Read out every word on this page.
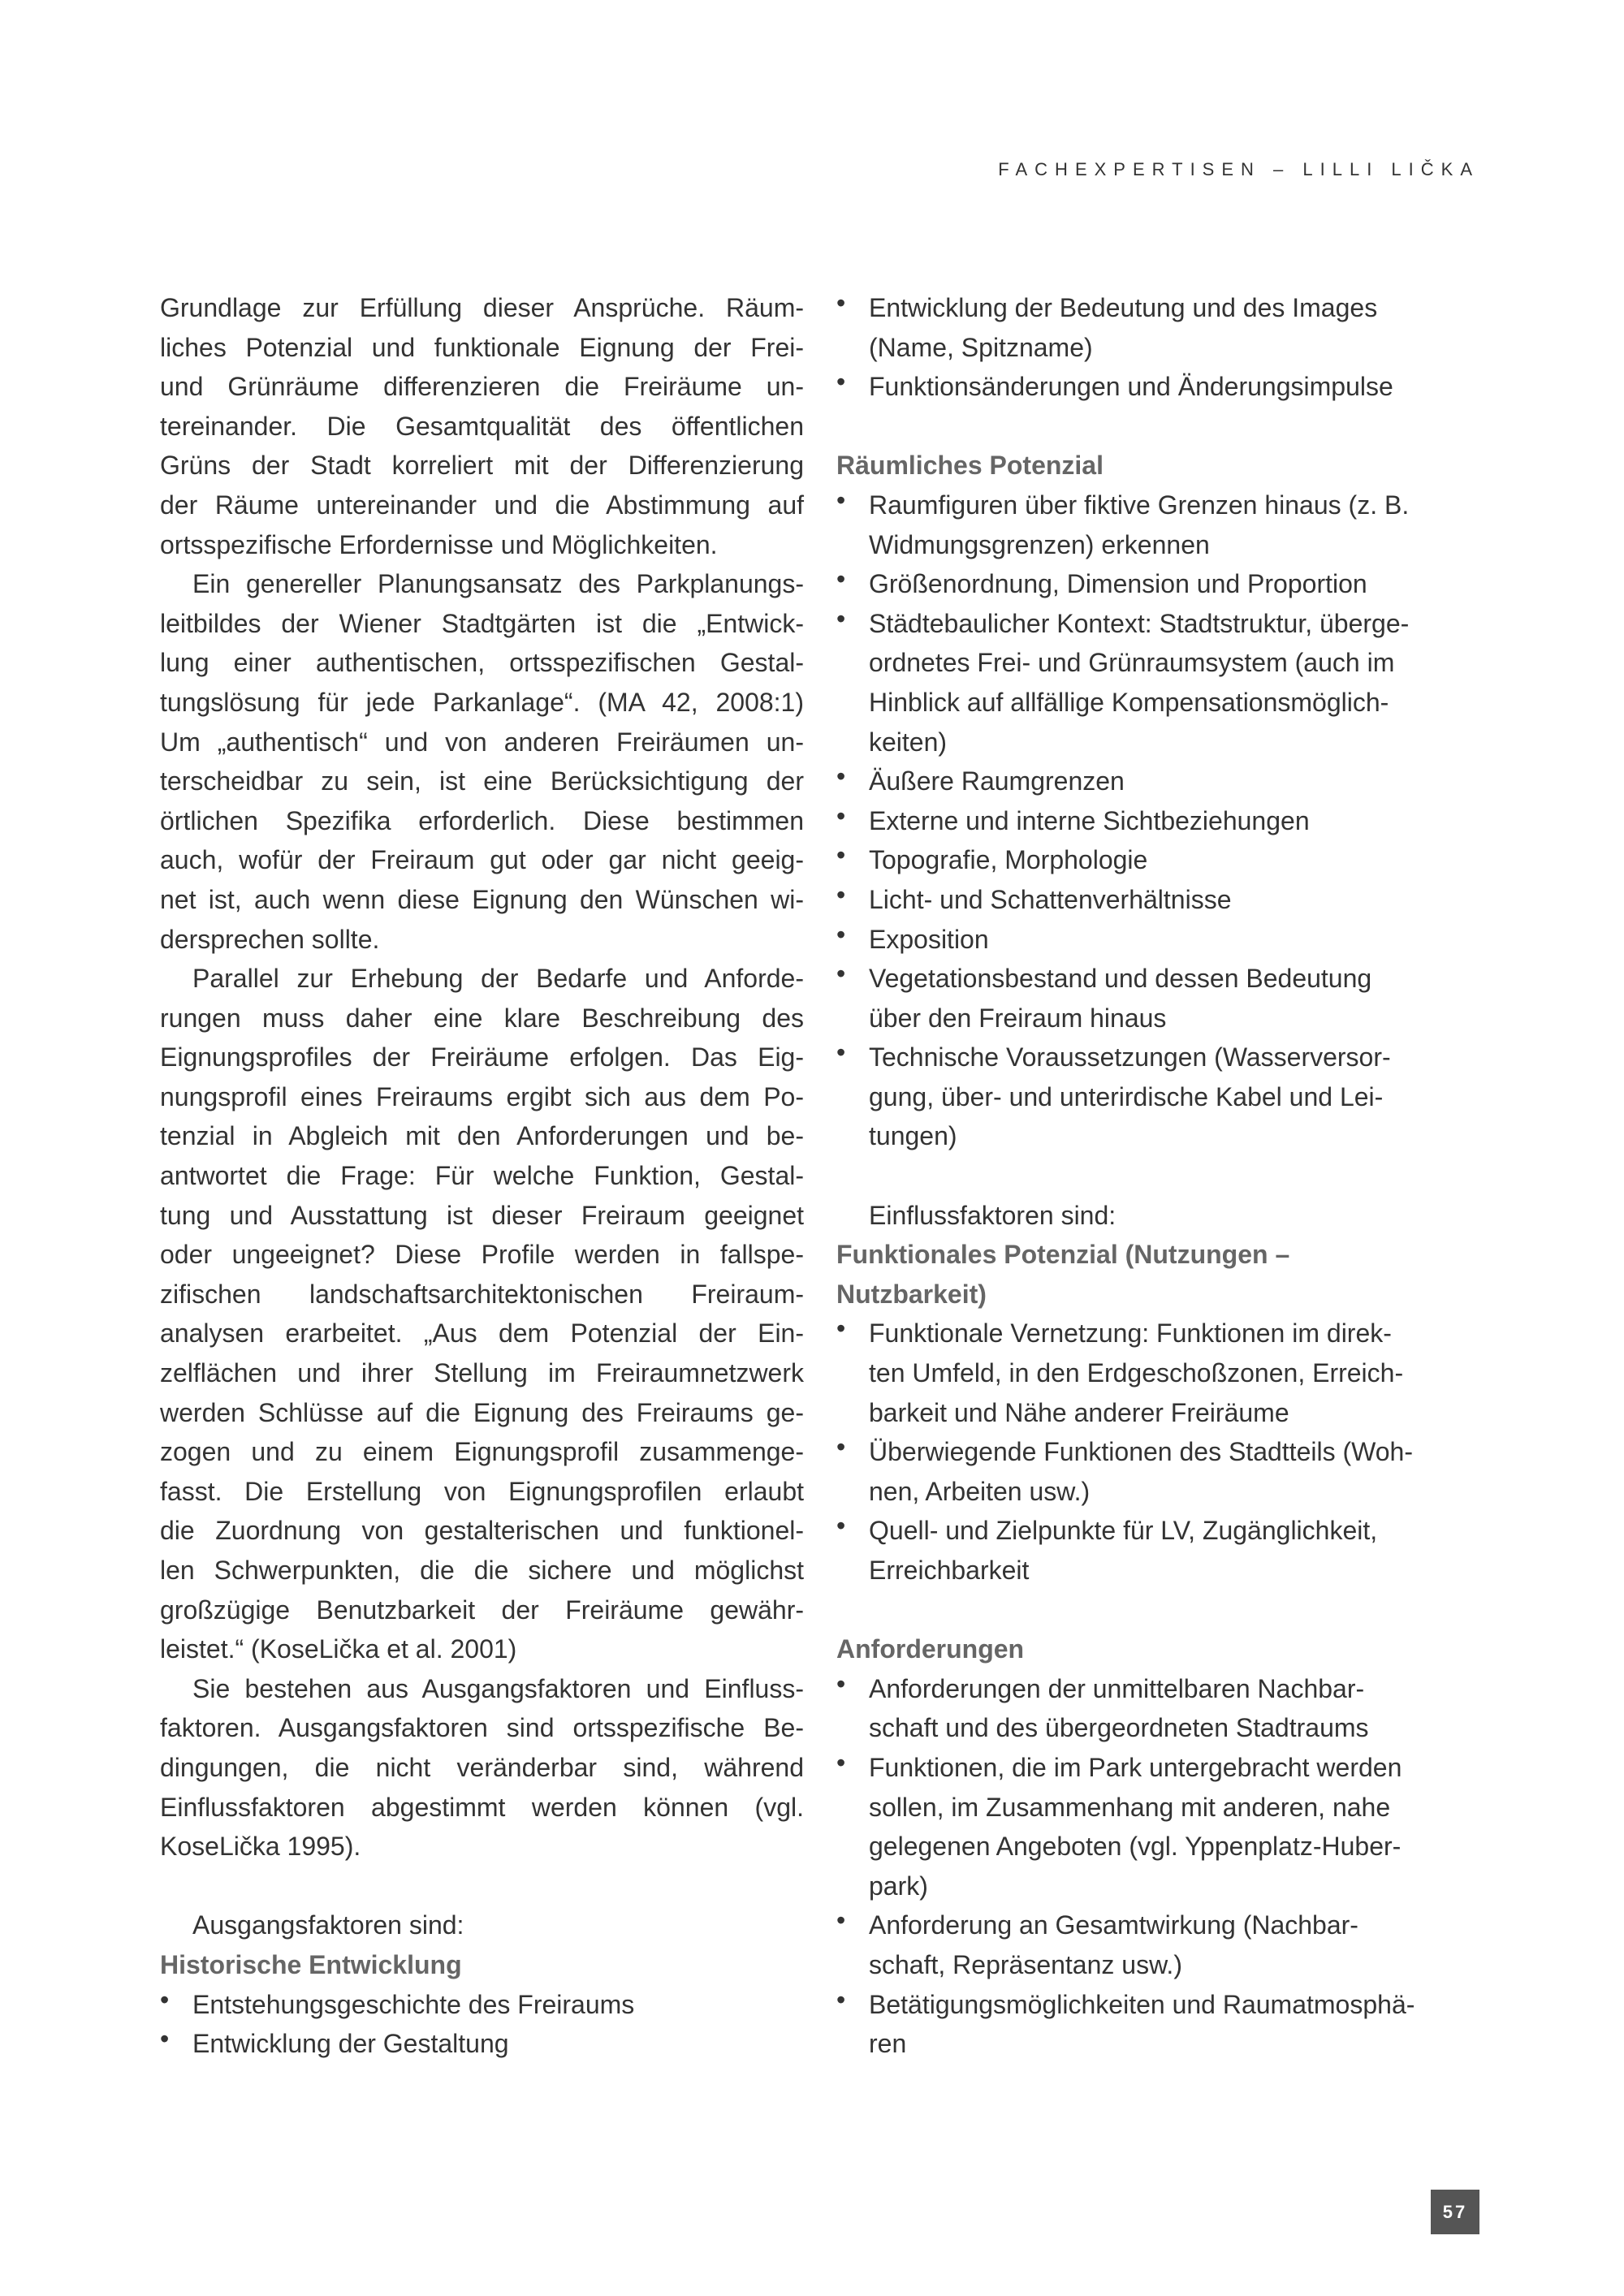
FACHEXPERTISEN – LILLI LIČKA
Grundlage zur Erfüllung dieser Ansprüche. Räum-
liches Potenzial und funktionale Eignung der Frei-
und Grünräume differenzieren die Freiräume un-
tereinander. Die Gesamtqualität des öffentlichen
Grüns der Stadt korreliert mit der Differenzierung
der Räume untereinander und die Abstimmung auf
ortsspezifische Erfordernisse und Möglichkeiten.
Ein genereller Planungsansatz des Parkplanungs-
leitbildes der Wiener Stadtgärten ist die „Entwick-
lung einer authentischen, ortsspezifischen Gestal-
tungslösung für jede Parkanlage“. (MA 42, 2008:1)
Um „authentisch“ und von anderen Freiräumen un-
terscheidbar zu sein, ist eine Berücksichtigung der
örtlichen Spezifika erforderlich. Diese bestimmen
auch, wofür der Freiraum gut oder gar nicht geeig-
net ist, auch wenn diese Eignung den Wünschen wi-
dersprechen sollte.
Parallel zur Erhebung der Bedarfe und Anforde-
rungen muss daher eine klare Beschreibung des
Eignungsprofiles der Freiräume erfolgen. Das Eig-
nungsprofil eines Freiraums ergibt sich aus dem Po-
tenzial in Abgleich mit den Anforderungen und be-
antwortet die Frage: Für welche Funktion, Gestal-
tung und Ausstattung ist dieser Freiraum geeignet
oder ungeeignet? Diese Profile werden in fallspe-
zifischen landschaftsarchitektonischen Freiraum-
analysen erarbeitet. „Aus dem Potenzial der Ein-
zelflächen und ihrer Stellung im Freiraumnetzwerk
werden Schlüsse auf die Eignung des Freiraums ge-
zogen und zu einem Eignungsprofil zusammenge-
fasst. Die Erstellung von Eignungsprofilen erlaubt
die Zuordnung von gestalterischen und funktionel-
len Schwerpunkten, die die sichere und möglichst
großzügige Benutzbarkeit der Freiräume gewähr-
leistet.“ (KoseLička et al. 2001)
Sie bestehen aus Ausgangsfaktoren und Einfluss-
faktoren. Ausgangsfaktoren sind ortsspezifische Be-
dingungen, die nicht veränderbar sind, während
Einflussfaktoren abgestimmt werden können (vgl.
KoseLička 1995).
Ausgangsfaktoren sind:
Historische Entwicklung
• Entstehungsgeschichte des Freiraums
• Entwicklung der Gestaltung
• Entwicklung der Bedeutung und des Images
(Name, Spitzname)
• Funktionsänderungen und Änderungsimpulse
Räumliches Potenzial
• Raumfiguren über fiktive Grenzen hinaus (z. B.
Widmungsgrenzen) erkennen
• Größenordnung, Dimension und Proportion
• Städtebaulicher Kontext: Stadtstruktur, überge-
ordnetes Frei- und Grünraumsystem (auch im
Hinblick auf allfällige Kompensationsmöglich-
keiten)
• Äußere Raumgrenzen
• Externe und interne Sichtbeziehungen
• Topografie, Morphologie
• Licht- und Schattenverhältnisse
• Exposition
• Vegetationsbestand und dessen Bedeutung
über den Freiraum hinaus
• Technische Voraussetzungen (Wasserversor-
gung, über- und unterirdische Kabel und Lei-
tungen)
Einflussfaktoren sind:
Funktionales Potenzial (Nutzungen –
Nutzbarkeit)
• Funktionale Vernetzung: Funktionen im direk-
ten Umfeld, in den Erdgeschoßzonen, Erreich-
barkeit und Nähe anderer Freiräume
• Überwiegende Funktionen des Stadtteils (Woh-
nen, Arbeiten usw.)
• Quell- und Zielpunkte für LV, Zugänglichkeit,
Erreichbarkeit
Anforderungen
• Anforderungen der unmittelbaren Nachbar-
schaft und des übergeordneten Stadtraums
• Funktionen, die im Park untergebracht werden
sollen, im Zusammenhang mit anderen, nahe
gelegenen Angeboten (vgl. Yppenplatz-Huber-
park)
• Anforderung an Gesamtwirkung (Nachbar-
schaft, Repräsentanz usw.)
• Betätigungsmöglichkeiten und Raumatmosphä-
ren
57
